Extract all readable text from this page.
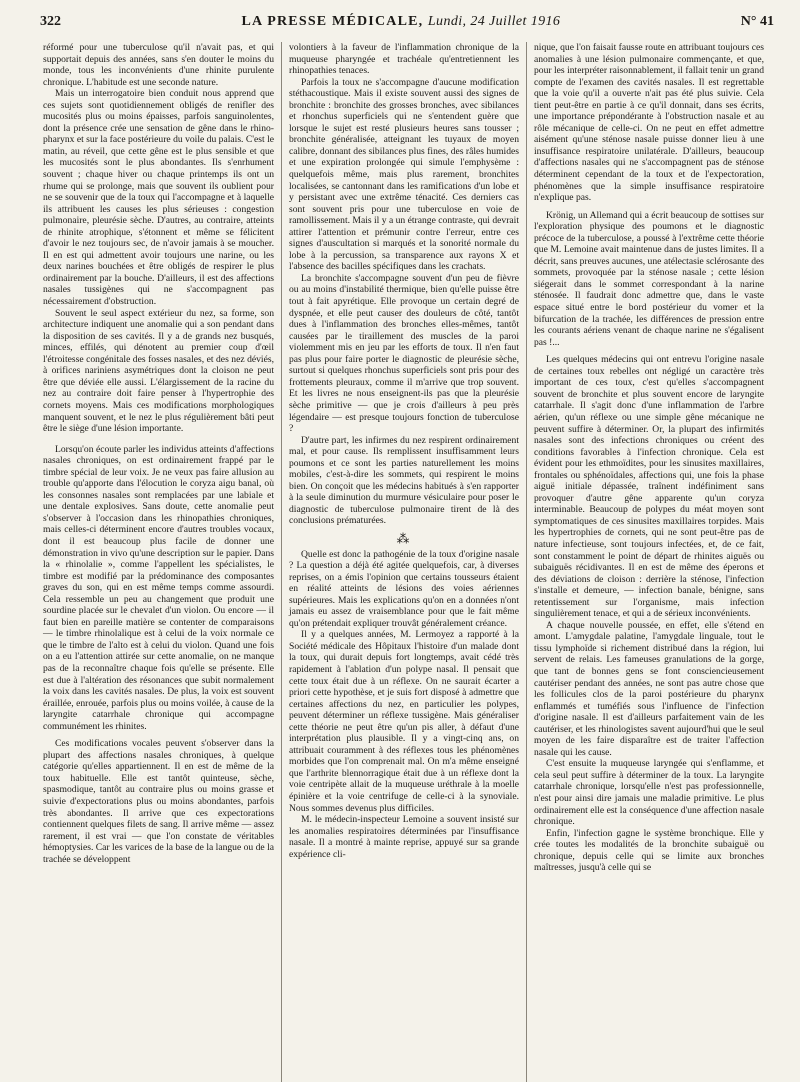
322	LA PRESSE MÉDICALE, Lundi, 24 Juillet 1916	N° 41

réformé pour une tuberculose qu'il n'avait pas, et qui supportait depuis des années, sans s'en douter le moins du monde, tous les inconvénients d'une rhinite purulente chronique. L'habitude est une seconde nature.

Mais un interrogatoire bien conduit nous apprend que ces sujets sont quotidiennement obligés de renifler des mucosités plus ou moins épaisses, parfois sanguinolentes, dont la présence crée une sensation de gêne dans le rhino-pharynx et sur la face postérieure du voile du palais. C'est le matin, au réveil, que cette gêne est le plus sensible et que les mucosités sont le plus abondantes. Ils s'enrhument souvent ; chaque hiver ou chaque printemps ils ont un rhume qui se prolonge, mais que souvent ils oublient pour ne se souvenir que de la toux qui l'accompagne et à laquelle ils attribuent les causes les plus sérieuses : congestion pulmonaire, pleurésie sèche. D'autres, au contraire, atteints de rhinite atrophique, s'étonnent et même se félicitent d'avoir le nez toujours sec, de n'avoir jamais à se moucher. Il en est qui admettent avoir toujours une narine, ou les deux narines bouchées et être obligés de respirer le plus ordinairement par la bouche. D'ailleurs, il est des affections nasales tussigènes qui ne s'accompagnent pas nécessairement d'obstruction.

Souvent le seul aspect extérieur du nez, sa forme, son architecture indiquent une anomalie qui a son pendant dans la disposition de ses cavités. Il y a de grands nez busqués, minces, effilés, qui dénotent au premier coup d'œil l'étroitesse congénitale des fosses nasales, et des nez déviés, à orifices nariniens asymétriques dont la cloison ne peut être que déviée elle aussi. L'élargissement de la racine du nez au contraire doit faire penser à l'hypertrophie des cornets moyens. Mais ces modifications morphologiques manquent souvent, et le nez le plus régulièrement bâti peut être le siège d'une lésion importante.

Lorsqu'on écoute parler les individus atteints d'affections nasales chroniques, on est ordinairement frappé par le timbre spécial de leur voix. Je ne veux pas faire allusion au trouble qu'apporte dans l'élocution le coryza aigu banal, où les consonnes nasales sont remplacées par une labiale et une dentale explosives. Sans doute, cette anomalie peut s'observer à l'occasion dans les rhinopathies chroniques, mais celles-ci déterminent encore d'autres troubles vocaux, dont il est beaucoup plus facile de donner une démonstration in vivo qu'une description sur le papier. Dans la « rhinolalie », comme l'appellent les spécialistes, le timbre est modifié par la prédominance des composantes graves du son, qui en est même temps comme assourdi. Cela ressemble un peu au changement que produit une sourdine placée sur le chevalet d'un violon. Ou encore — il faut bien en pareille matière se contenter de comparaisons — le timbre rhinolalique est à celui de la voix normale ce que le timbre de l'alto est à celui du violon. Quand une fois on a eu l'attention attirée sur cette anomalie, on ne manque pas de la reconnaître chaque fois qu'elle se présente. Elle est due à l'altération des résonances que subit normalement la voix dans les cavités nasales. De plus, la voix est souvent éraillée, enrouée, parfois plus ou moins voilée, à cause de la laryngite catarrhale chronique qui accompagne communément les rhinites.

Ces modifications vocales peuvent s'observer dans la plupart des affections nasales chroniques, à quelque catégorie qu'elles appartiennent. Il en est de même de la toux habituelle. Elle est tantôt quinteuse, sèche, spasmodique, tantôt au contraire plus ou moins grasse et suivie d'expectorations plus ou moins abondantes, parfois très abondantes. Il arrive que ces expectorations contiennent quelques filets de sang. Il arrive même — assez rarement, il est vrai — que l'on constate de véritables hémoptysies. Car les varices de la base de la langue ou de la trachée se développent

volontiers à la faveur de l'inflammation chronique de la muqueuse pharyngée et trachéale qu'entretiennent les rhinopathies tenaces.

Parfois la toux ne s'accompagne d'aucune modification stéthacoustique. Mais il existe souvent aussi des signes de bronchite : bronchite des grosses bronches, avec sibilances et rhonchus superficiels qui ne s'entendent guère que lorsque le sujet est resté plusieurs heures sans tousser ; bronchite généralisée, atteignant les tuyaux de moyen calibre, donnant des sibilances plus fines, des râles humides et une expiration prolongée qui simule l'emphysème : quelquefois même, mais plus rarement, bronchites localisées, se cantonnant dans les ramifications d'un lobe et y persistant avec une extrême ténacité. Ces derniers cas sont souvent pris pour une tuberculose en voie de ramollissement. Mais il y a un étrange contraste, qui devrait attirer l'attention et prémunir contre l'erreur, entre ces signes d'auscultation si marqués et la sonorité normale du lobe à la percussion, sa transparence aux rayons X et l'absence des bacilles spécifiques dans les crachats.

La bronchite s'accompagne souvent d'un peu de fièvre ou au moins d'instabilité thermique, bien qu'elle puisse être tout à fait apyrétique. Elle provoque un certain degré de dyspnée, et elle peut causer des douleurs de côté, tantôt dues à l'inflammation des bronches elles-mêmes, tantôt causées par le tiraillement des muscles de la paroi violemment mis en jeu par les efforts de toux. Il n'en faut pas plus pour faire porter le diagnostic de pleurésie sèche, surtout si quelques rhonchus superficiels sont pris pour des frottements pleuraux, comme il m'arrive que trop souvent. Et les livres ne nous enseignent-ils pas que la pleurésie sèche primitive — que je crois d'ailleurs à peu près légendaire — est presque toujours fonction de tuberculose ?

D'autre part, les infirmes du nez respirent ordinairement mal, et pour cause. Ils remplissent insuffisamment leurs poumons et ce sont les parties naturellement les moins mobiles, c'est-à-dire les sommets, qui respirent le moins bien. On conçoit que les médecins habitués à s'en rapporter à la seule diminution du murmure vésiculaire pour poser le diagnostic de tuberculose pulmonaire tirent de là des conclusions prématurées.

⁂

Quelle est donc la pathogénie de la toux d'origine nasale ? La question a déjà été agitée quelquefois, car, à diverses reprises, on a émis l'opinion que certains tousseurs étaient en réalité atteints de lésions des voies aériennes supérieures. Mais les explications qu'on en a données n'ont jamais eu assez de vraisemblance pour que le fait même qu'on prétendait expliquer trouvât généralement créance.

Il y a quelques années, M. Lermoyez a rapporté à la Société médicale des Hôpitaux l'histoire d'un malade dont la toux, qui durait depuis fort longtemps, avait cédé très rapidement à l'ablation d'un polype nasal. Il pensait que cette toux était due à un réflexe. On ne saurait écarter a priori cette hypothèse, et je suis fort disposé à admettre que certaines affections du nez, en particulier les polypes, peuvent déterminer un réflexe tussigène. Mais généraliser cette théorie ne peut être qu'un pis aller, à défaut d'une interprétation plus plausible. Il y a vingt-cinq ans, on attribuait couramment à des réflexes tous les phénomènes morbides que l'on comprenait mal. On m'a même enseigné que l'arthrite blennorragique était due à un réflexe dont la voie centripète allait de la muqueuse uréthrale à la moelle épinière et la voie centrifuge de celle-ci à la synoviale. Nous sommes devenus plus difficiles.

M. le médecin-inspecteur Lemoine a souvent insisté sur les anomalies respiratoires déterminées par l'insuffisance nasale. Il a montré à mainte reprise, appuyé sur sa grande expérience cli-

nique, que l'on faisait fausse route en attribuant toujours ces anomalies à une lésion pulmonaire commençante, et que, pour les interpréter raisonnablement, il fallait tenir un grand compte de l'examen des cavités nasales. Il est regrettable que la voie qu'il a ouverte n'ait pas été plus suivie. Cela tient peut-être en partie à ce qu'il donnait, dans ses écrits, une importance prépondérante à l'obstruction nasale et au rôle mécanique de celle-ci. On ne peut en effet admettre aisément qu'une sténose nasale puisse donner lieu à une insuffisance respiratoire unilatérale. D'ailleurs, beaucoup d'affections nasales qui ne s'accompagnent pas de sténose déterminent cependant de la toux et de l'expectoration, phénomènes que la simple insuffisance respiratoire n'explique pas.

Krönig, un Allemand qui a écrit beaucoup de sottises sur l'exploration physique des poumons et le diagnostic précoce de la tuberculose, a poussé à l'extrême cette théorie que M. Lemoine avait maintenue dans de justes limites. Il a décrit, sans preuves aucunes, une atélectasie sclérosante des sommets, provoquée par la sténose nasale ; cette lésion siégerait dans le sommet correspondant à la narine sténosée. Il faudrait donc admettre que, dans le vaste espace situé entre le bord postérieur du vomer et la bifurcation de la trachée, les différences de pression entre les courants aériens venant de chaque narine ne s'égalisent pas !...

Les quelques médecins qui ont entrevu l'origine nasale de certaines toux rebelles ont négligé un caractère très important de ces toux, c'est qu'elles s'accompagnent souvent de bronchite et plus souvent encore de laryngite catarrhale. Il s'agit donc d'une inflammation de l'arbre aérien, qu'un réflexe ou une simple gêne mécanique ne peuvent suffire à déterminer. Or, la plupart des infirmités nasales sont des infections chroniques ou créent des conditions favorables à l'infection chronique. Cela est évident pour les ethmoïdites, pour les sinusites maxillaires, frontales ou sphénoïdales, affections qui, une fois la phase aiguë initiale dépassée, traînent indéfiniment sans provoquer d'autre gêne apparente qu'un coryza interminable. Beaucoup de polypes du méat moyen sont symptomatiques de ces sinusites maxillaires torpides. Mais les hypertrophies de cornets, qui ne sont peut-être pas de nature infectieuse, sont toujours infectées, et, de ce fait, sont constamment le point de départ de rhinites aiguës ou subaiguës récidivantes. Il en est de même des éperons et des déviations de cloison : derrière la sténose, l'infection s'installe et demeure, — infection banale, bénigne, sans retentissement sur l'organisme, mais infection singulièrement tenace, et qui a de sérieux inconvénients.

A chaque nouvelle poussée, en effet, elle s'étend en amont. L'amygdale palatine, l'amygdale linguale, tout le tissu lymphoïde si richement distribué dans la région, lui servent de relais. Les fameuses granulations de la gorge, que tant de bonnes gens se font consciencieusement cautériser pendant des années, ne sont pas autre chose que les follicules clos de la paroi postérieure du pharynx enflammés et tuméfiés sous l'influence de l'infection d'origine nasale. Il est d'ailleurs parfaitement vain de les cautériser, et les rhinologistes savent aujourd'hui que le seul moyen de les faire disparaître est de traiter l'affection nasale qui les cause.

C'est ensuite la muqueuse laryngée qui s'enflamme, et cela seul peut suffire à déterminer de la toux. La laryngite catarrhale chronique, lorsqu'elle n'est pas professionnelle, n'est pour ainsi dire jamais une maladie primitive. Le plus ordinairement elle est la conséquence d'une affection nasale chronique.

Enfin, l'infection gagne le système bronchique. Elle y crée toutes les modalités de la bronchite subaiguë ou chronique, depuis celle qui se limite aux bronches maîtresses, jusqu'à celle qui se
